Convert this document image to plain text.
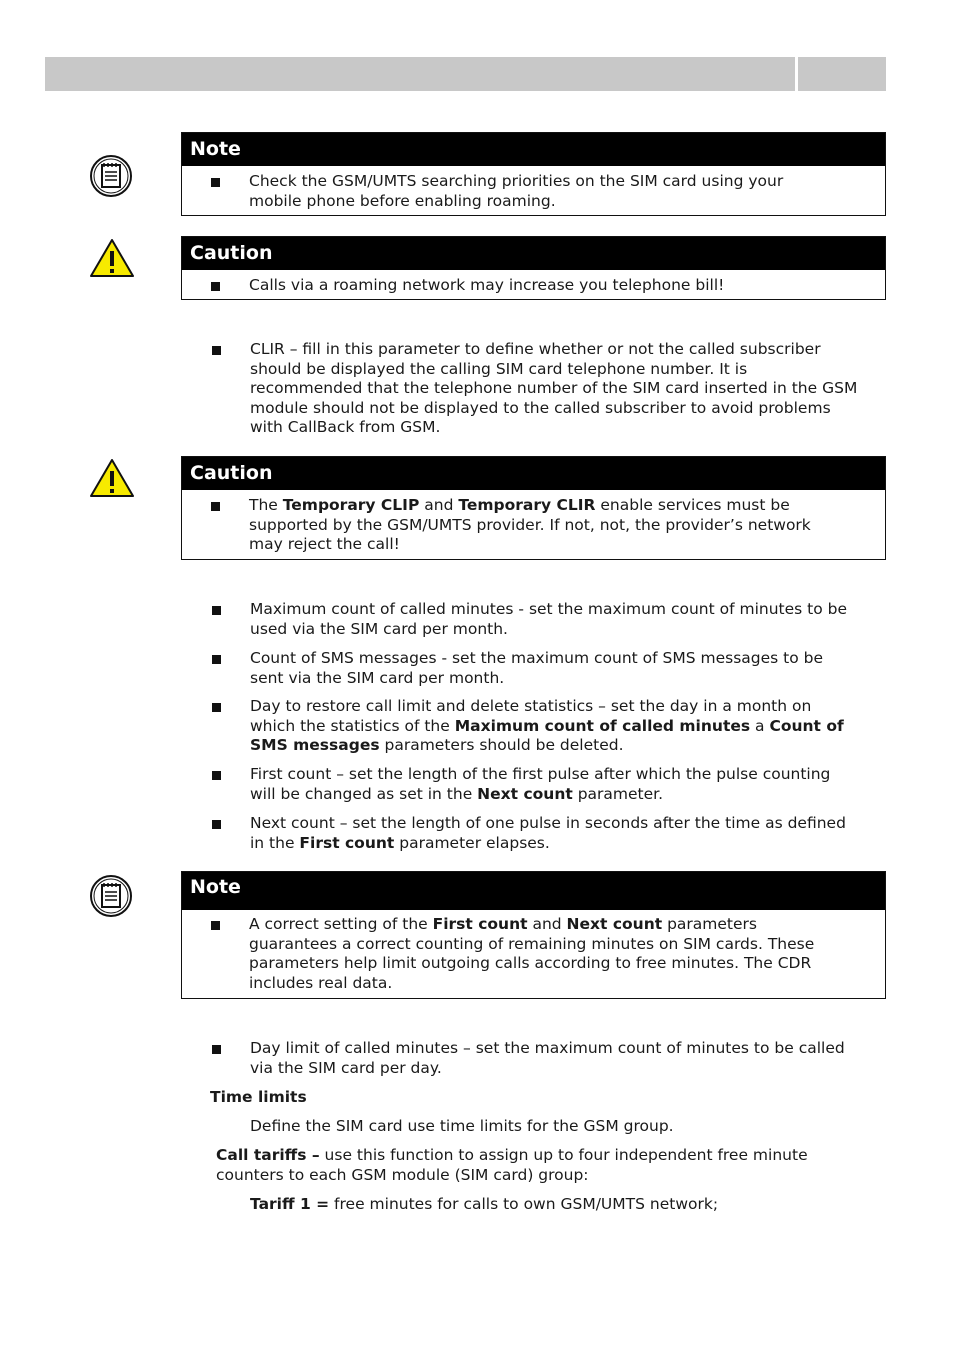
Note
Check the GSM/UMTS searching priorities on the SIM card using your
mobile phone before enabling roaming.
Caution
Calls via a roaming network may increase you telephone bill!
CLIR – fill in this parameter to define whether or not the called subscriber
should be displayed the calling SIM card telephone number. It is
recommended that the telephone number of the SIM card inserted in the GSM
module should not be displayed to the called subscriber to avoid problems
with CallBack from GSM.
Caution
The Temporary CLIP and Temporary CLIR enable services must be
supported by the GSM/UMTS provider. If not, not, the provider’s network
may reject the call!
Maximum count of called minutes - set the maximum count of minutes to be
used via the SIM card per month.
Count of SMS messages - set the maximum count of SMS messages to be
sent via the SIM card per month.
Day to restore call limit and delete statistics – set the day in a month on
which the statistics of the Maximum count of called minutes a Count of
SMS messages parameters should be deleted.
First count – set the length of the first pulse after which the pulse counting
will be changed as set in the Next count parameter.
Next count – set the length of one pulse in seconds after the time as defined
in the First count parameter elapses.
Note
A correct setting of the First count and Next count parameters
guarantees a correct counting of remaining minutes on SIM cards. These
parameters help limit outgoing calls according to free minutes. The CDR
includes real data.
Day limit of called minutes – set the maximum count of minutes to be called
via the SIM card per day.
Time limits
Define the SIM card use time limits for the GSM group.
Call tariffs – use this function to assign up to four independent free minute
counters to each GSM module (SIM card) group:
Tariff 1 = free minutes for calls to own GSM/UMTS network;
